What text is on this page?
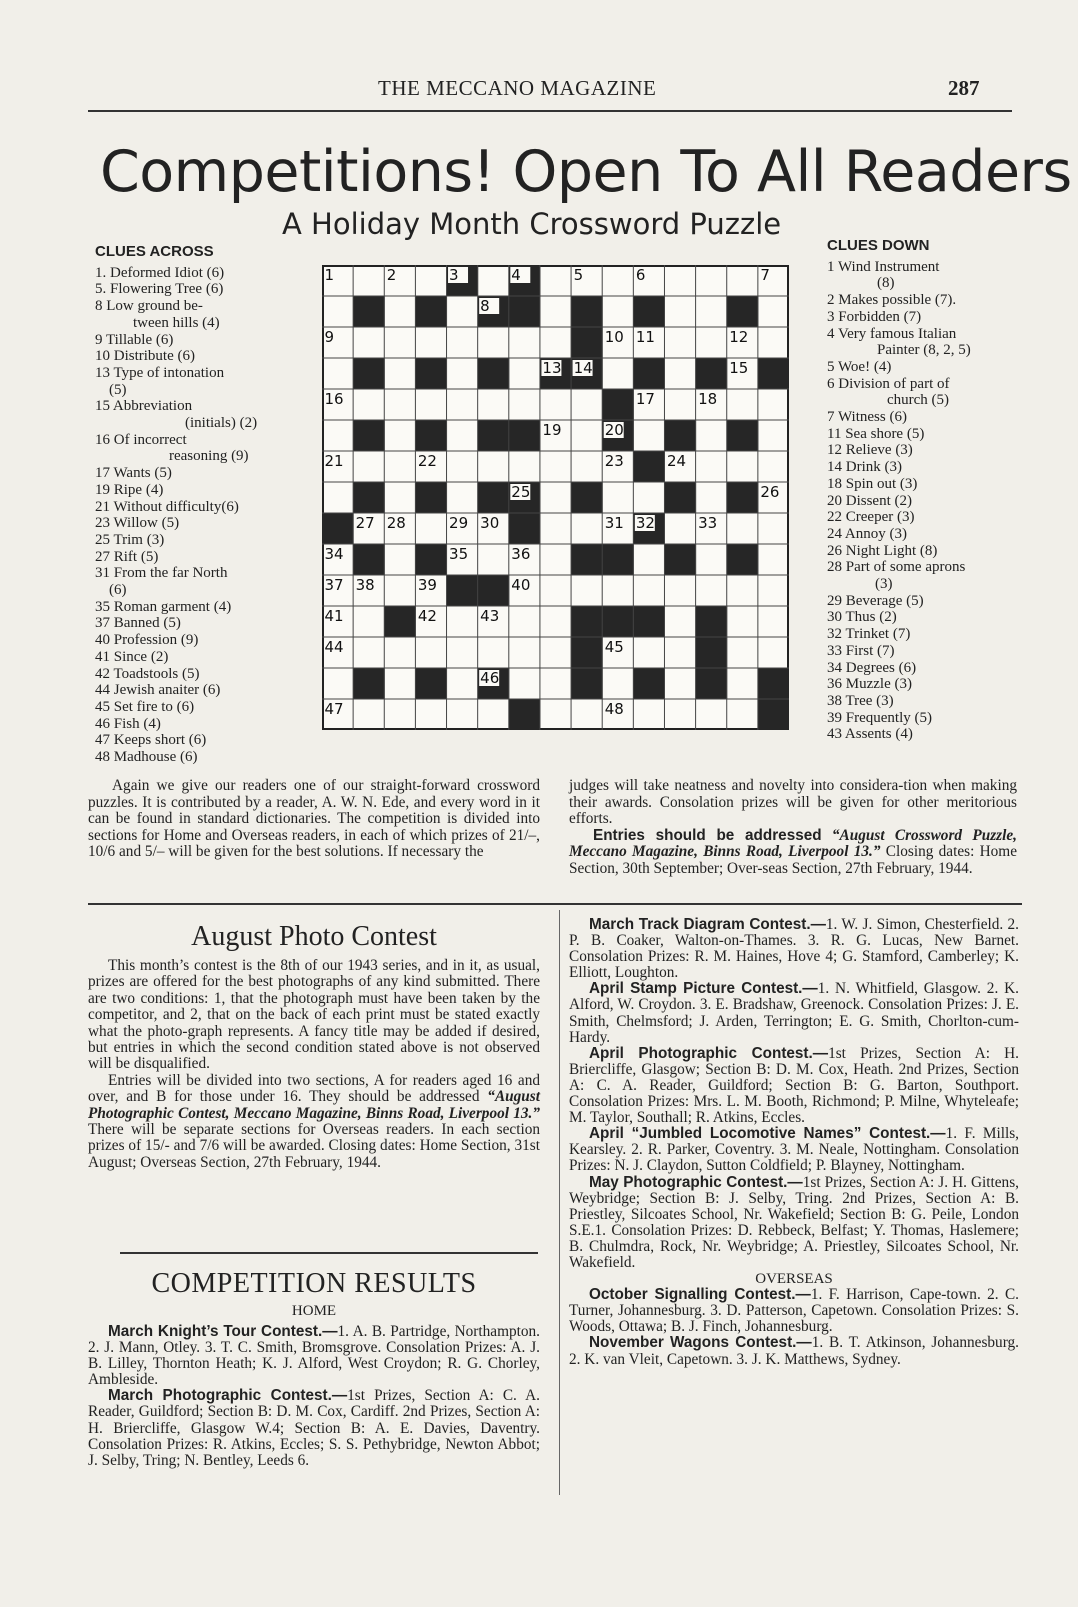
THE MECCANO MAGAZINE	287
Competitions! Open To All Readers
A Holiday Month Crossword Puzzle
CLUES ACROSS
1. Deformed Idiot (6)
5. Flowering Tree (6)
8 Low ground be-
tween hills (4)
9 Tillable (6)
10 Distribute (6)
13 Type of intonation
(5)
15 Abbreviation
(initials) (2)
16 Of incorrect
reasoning (9)
17 Wants (5)
19 Ripe (4)
21 Without difficulty(6)
23 Willow (5)
25 Trim (3)
27 Rift (5)
31 From the far North
(6)
35 Roman garment (4)
37 Banned (5)
40 Profession (9)
41 Since (2)
42 Toadstools (5)
44 Jewish anaiter (6)
45 Set fire to (6)
46 Fish (4)
47 Keeps short (6)
48 Madhouse (6)
1	2	3	4	5	6	7
8
9	10 11	12
13 14	15
16	17	18
19	20
21	22	23	24
25	26
27 28	29 30	31 32	33
34	35	36
37 38	39	40
41	42	43
44	45
46
47	48
CLUES DOWN
1 Wind Instrument
(8)
2 Makes possible (7).
3 Forbidden (7)
4 Very famous Italian
Painter (8, 2, 5)
5 Woe! (4)
6 Division of part of
church (5)
7 Witness (6)
11 Sea shore (5)
12 Relieve (3)
14 Drink (3)
18 Spin out (3)
20 Dissent (2)
22 Creeper (3)
24 Annoy (3)
26 Night Light (8)
28 Part of some aprons
(3)
29 Beverage (5)
30 Thus (2)
32 Trinket (7)
33 First (7)
34 Degrees (6)
36 Muzzle (3)
38 Tree (3)
39 Frequently (5)
43 Assents (4)

Again we give our readers one of our straight-forward crossword puzzles. It is contributed by a reader, A. W. N. Ede, and every word in it can be found in standard dictionaries. The competition is divided into sections for Home and Overseas readers, in each of which prizes of 21/–, 10/6 and 5/– will be given for the best solutions. If necessary the

judges will take neatness and novelty into considera-tion when making their awards. Consolation prizes will be given for other meritorious efforts.

Entries should be addressed “August Crossword Puzzle, Meccano Magazine, Binns Road, Liverpool 13.” Closing dates: Home Section, 30th September; Over-seas Section, 27th February, 1944.

August Photo Contest

This month’s contest is the 8th of our 1943 series, and in it, as usual, prizes are offered for the best photographs of any kind submitted. There are two conditions: 1, that the photograph must have been taken by the competitor, and 2, that on the back of each print must be stated exactly what the photo-graph represents. A fancy title may be added if desired, but entries in which the second condition stated above is not observed will be disqualified.

Entries will be divided into two sections, A for readers aged 16 and over, and B for those under 16. They should be addressed “August Photographic Contest, Meccano Magazine, Binns Road, Liverpool 13.” There will be separate sections for Overseas readers. In each section prizes of 15/- and 7/6 will be awarded. Closing dates: Home Section, 31st August; Overseas Section, 27th February, 1944.

COMPETITION RESULTS
HOME

March Knight’s Tour Contest.—1. A. B. Partridge, Northampton. 2. J. Mann, Otley. 3. T. C. Smith, Bromsgrove. Consolation Prizes: A. J. B. Lilley, Thornton Heath; K. J. Alford, West Croydon; R. G. Chorley, Ambleside.

March Photographic Contest.—1st Prizes, Section A: C. A. Reader, Guildford; Section B: D. M. Cox, Cardiff. 2nd Prizes, Section A: H. Briercliffe, Glasgow W.4; Section B: A. E. Davies, Daventry. Consolation Prizes: R. Atkins, Eccles; S. S. Pethybridge, Newton Abbot; J. Selby, Tring; N. Bentley, Leeds 6.

March Track Diagram Contest.—1. W. J. Simon, Chesterfield. 2. P. B. Coaker, Walton-on-Thames. 3. R. G. Lucas, New Barnet. Consolation Prizes: R. M. Haines, Hove 4; G. Stamford, Camberley; K. Elliott, Loughton.

April Stamp Picture Contest.—1. N. Whitfield, Glasgow. 2. K. Alford, W. Croydon. 3. E. Bradshaw, Greenock. Consolation Prizes: J. E. Smith, Chelmsford; J. Arden, Terrington; E. G. Smith, Chorlton-cum-Hardy.

April Photographic Contest.—1st Prizes, Section A: H. Briercliffe, Glasgow; Section B: D. M. Cox, Heath. 2nd Prizes, Section A: C. A. Reader, Guildford; Section B: G. Barton, Southport. Consolation Prizes: Mrs. L. M. Booth, Richmond; P. Milne, Whyteleafe; M. Taylor, Southall; R. Atkins, Eccles.

April “Jumbled Locomotive Names” Contest.—1. F. Mills, Kearsley. 2. R. Parker, Coventry. 3. M. Neale, Nottingham. Consolation Prizes: N. J. Claydon, Sutton Coldfield; P. Blayney, Nottingham.

May Photographic Contest.—1st Prizes, Section A: J. H. Gittens, Weybridge; Section B: J. Selby, Tring. 2nd Prizes, Section A: B. Priestley, Silcoates School, Nr. Wakefield; Section B: G. Peile, London S.E.1. Consolation Prizes: D. Rebbeck, Belfast; Y. Thomas, Haslemere; B. Chulmdra, Rock, Nr. Weybridge; A. Priestley, Silcoates School, Nr. Wakefield.

OVERSEAS

October Signalling Contest.—1. F. Harrison, Cape-town. 2. C. Turner, Johannesburg. 3. D. Patterson, Capetown. Consolation Prizes: S. Woods, Ottawa; B. J. Finch, Johannesburg.

November Wagons Contest.—1. B. T. Atkinson, Johannesburg. 2. K. van Vleit, Capetown. 3. J. K. Matthews, Sydney.
